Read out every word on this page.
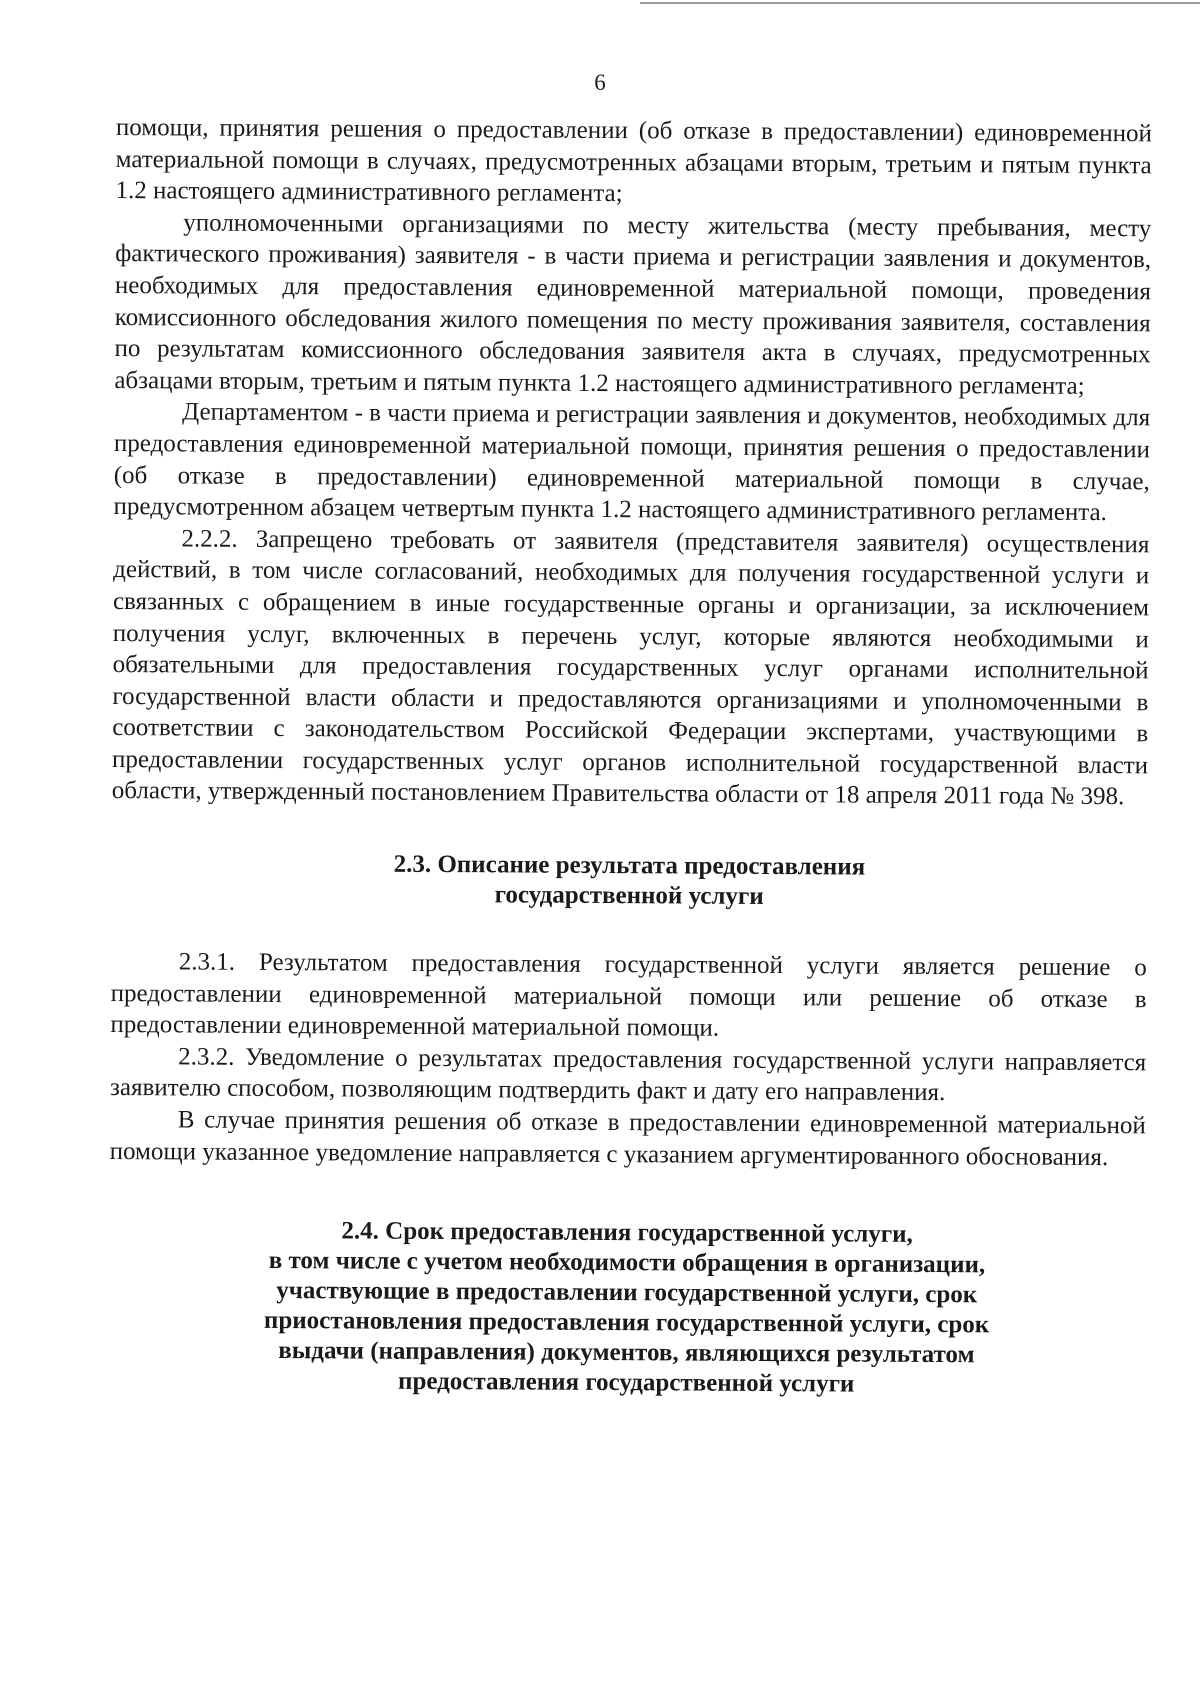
6

помощи, принятия решения о предоставлении (об отказе в предоставлении) единовременной материальной помощи в случаях, предусмотренных абзацами вторым, третьим и пятым пункта 1.2 настоящего административного регламента;

уполномоченными организациями по месту жительства (месту пребывания, месту фактического проживания) заявителя - в части приема и регистрации заявления и документов, необходимых для предоставления единовременной материальной помощи, проведения комиссионного обследования жилого помещения по месту проживания заявителя, составления по результатам комиссионного обследования заявителя акта в случаях, предусмотренных абзацами вторым, третьим и пятым пункта 1.2 настоящего административного регламента;

Департаментом - в части приема и регистрации заявления и документов, необходимых для предоставления единовременной материальной помощи, принятия решения о предоставлении (об отказе в предоставлении) единовременной материальной помощи в случае, предусмотренном абзацем четвертым пункта 1.2 настоящего административного регламента.

2.2.2. Запрещено требовать от заявителя (представителя заявителя) осуществления действий, в том числе согласований, необходимых для получения государственной услуги и связанных с обращением в иные государственные органы и организации, за исключением получения услуг, включенных в перечень услуг, которые являются необходимыми и обязательными для предоставления государственных услуг органами исполнительной государственной власти области и предоставляются организациями и уполномоченными в соответствии с законодательством Российской Федерации экспертами, участвующими в предоставлении государственных услуг органов исполнительной государственной власти области, утвержденный постановлением Правительства области от 18 апреля 2011 года № 398.

2.3. Описание результата предоставления
государственной услуги

2.3.1. Результатом предоставления государственной услуги является решение о предоставлении единовременной материальной помощи или решение об отказе в предоставлении единовременной материальной помощи.

2.3.2. Уведомление о результатах предоставления государственной услуги направляется заявителю способом, позволяющим подтвердить факт и дату его направления.

В случае принятия решения об отказе в предоставлении единовременной материальной помощи указанное уведомление направляется с указанием аргументированного обоснования.

2.4. Срок предоставления государственной услуги,
в том числе с учетом необходимости обращения в организации,
участвующие в предоставлении государственной услуги, срок
приостановления предоставления государственной услуги, срок
выдачи (направления) документов, являющихся результатом
предоставления государственной услуги
